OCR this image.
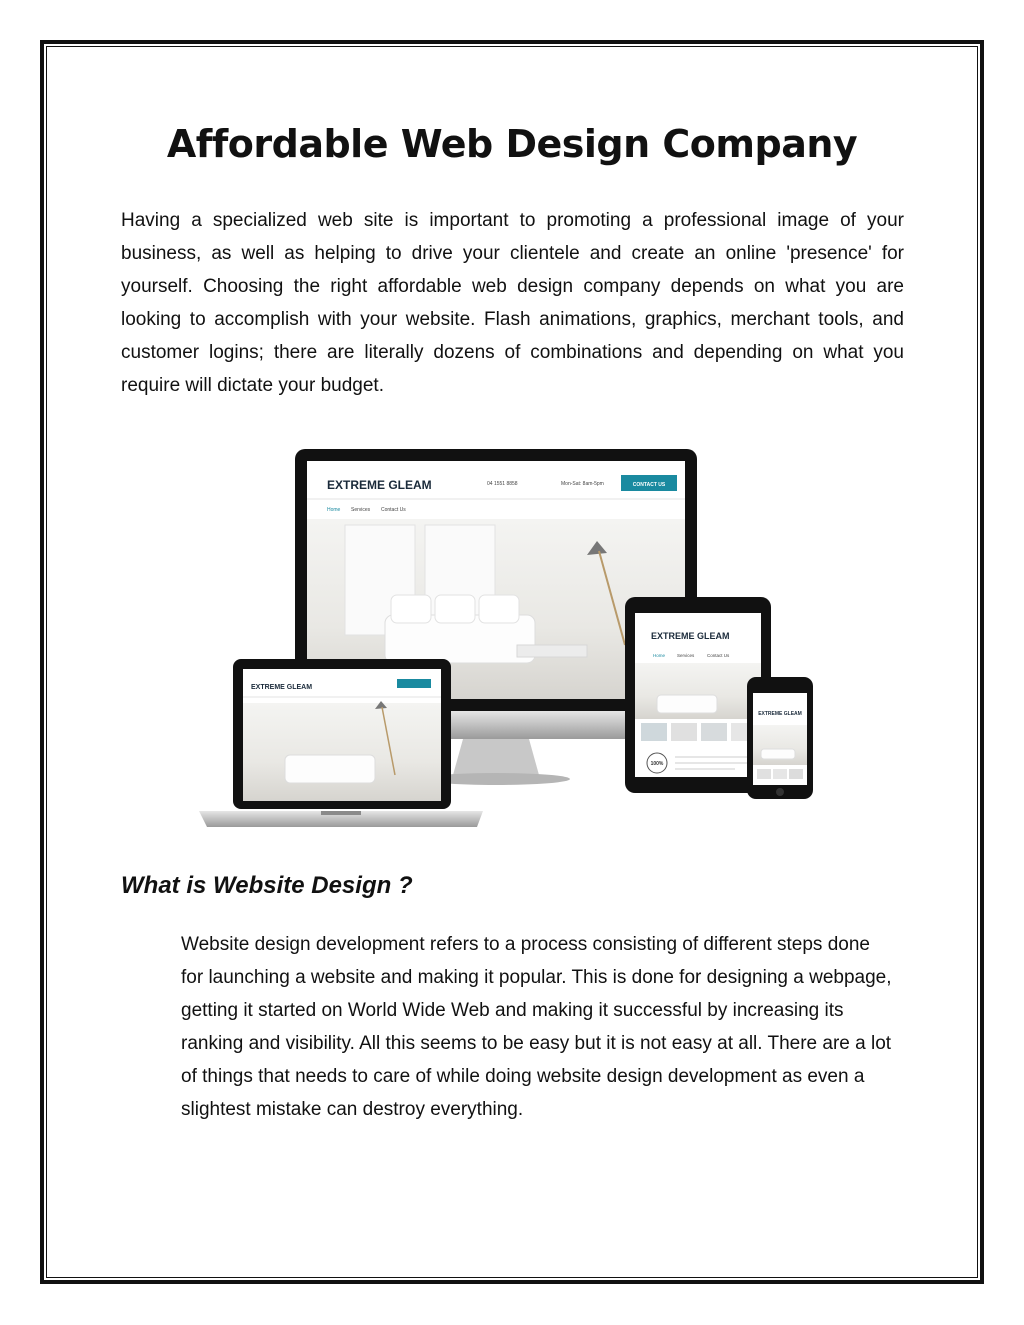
Affordable Web Design Company
Having a specialized web site is important to promoting a professional image of your business, as well as helping to drive your clientele and create an online 'presence' for yourself. Choosing the right affordable web design company depends on what you are looking to accomplish with your website. Flash animations, graphics, merchant tools, and customer logins; there are literally dozens of combinations and depending on what you require will dictate your budget.
EXTREME GLEAM	04 1551 8858	Mon-Sat: 8am-5pm	CONTACT US
Home Services Contact Us
EXTREME GLEAM
EXTREME GLEAM
Home	Services	Contact Us
100%
EXTREME GLEAM
What is Website Design ?
Website design development refers to a process consisting of different steps done for launching a website and making it popular. This is done for designing a webpage, getting it started on World Wide Web and making it successful by increasing its ranking and visibility. All this seems to be easy but it is not easy at all. There are a lot of things that needs to care of while doing website design development as even a slightest mistake can destroy everything.
